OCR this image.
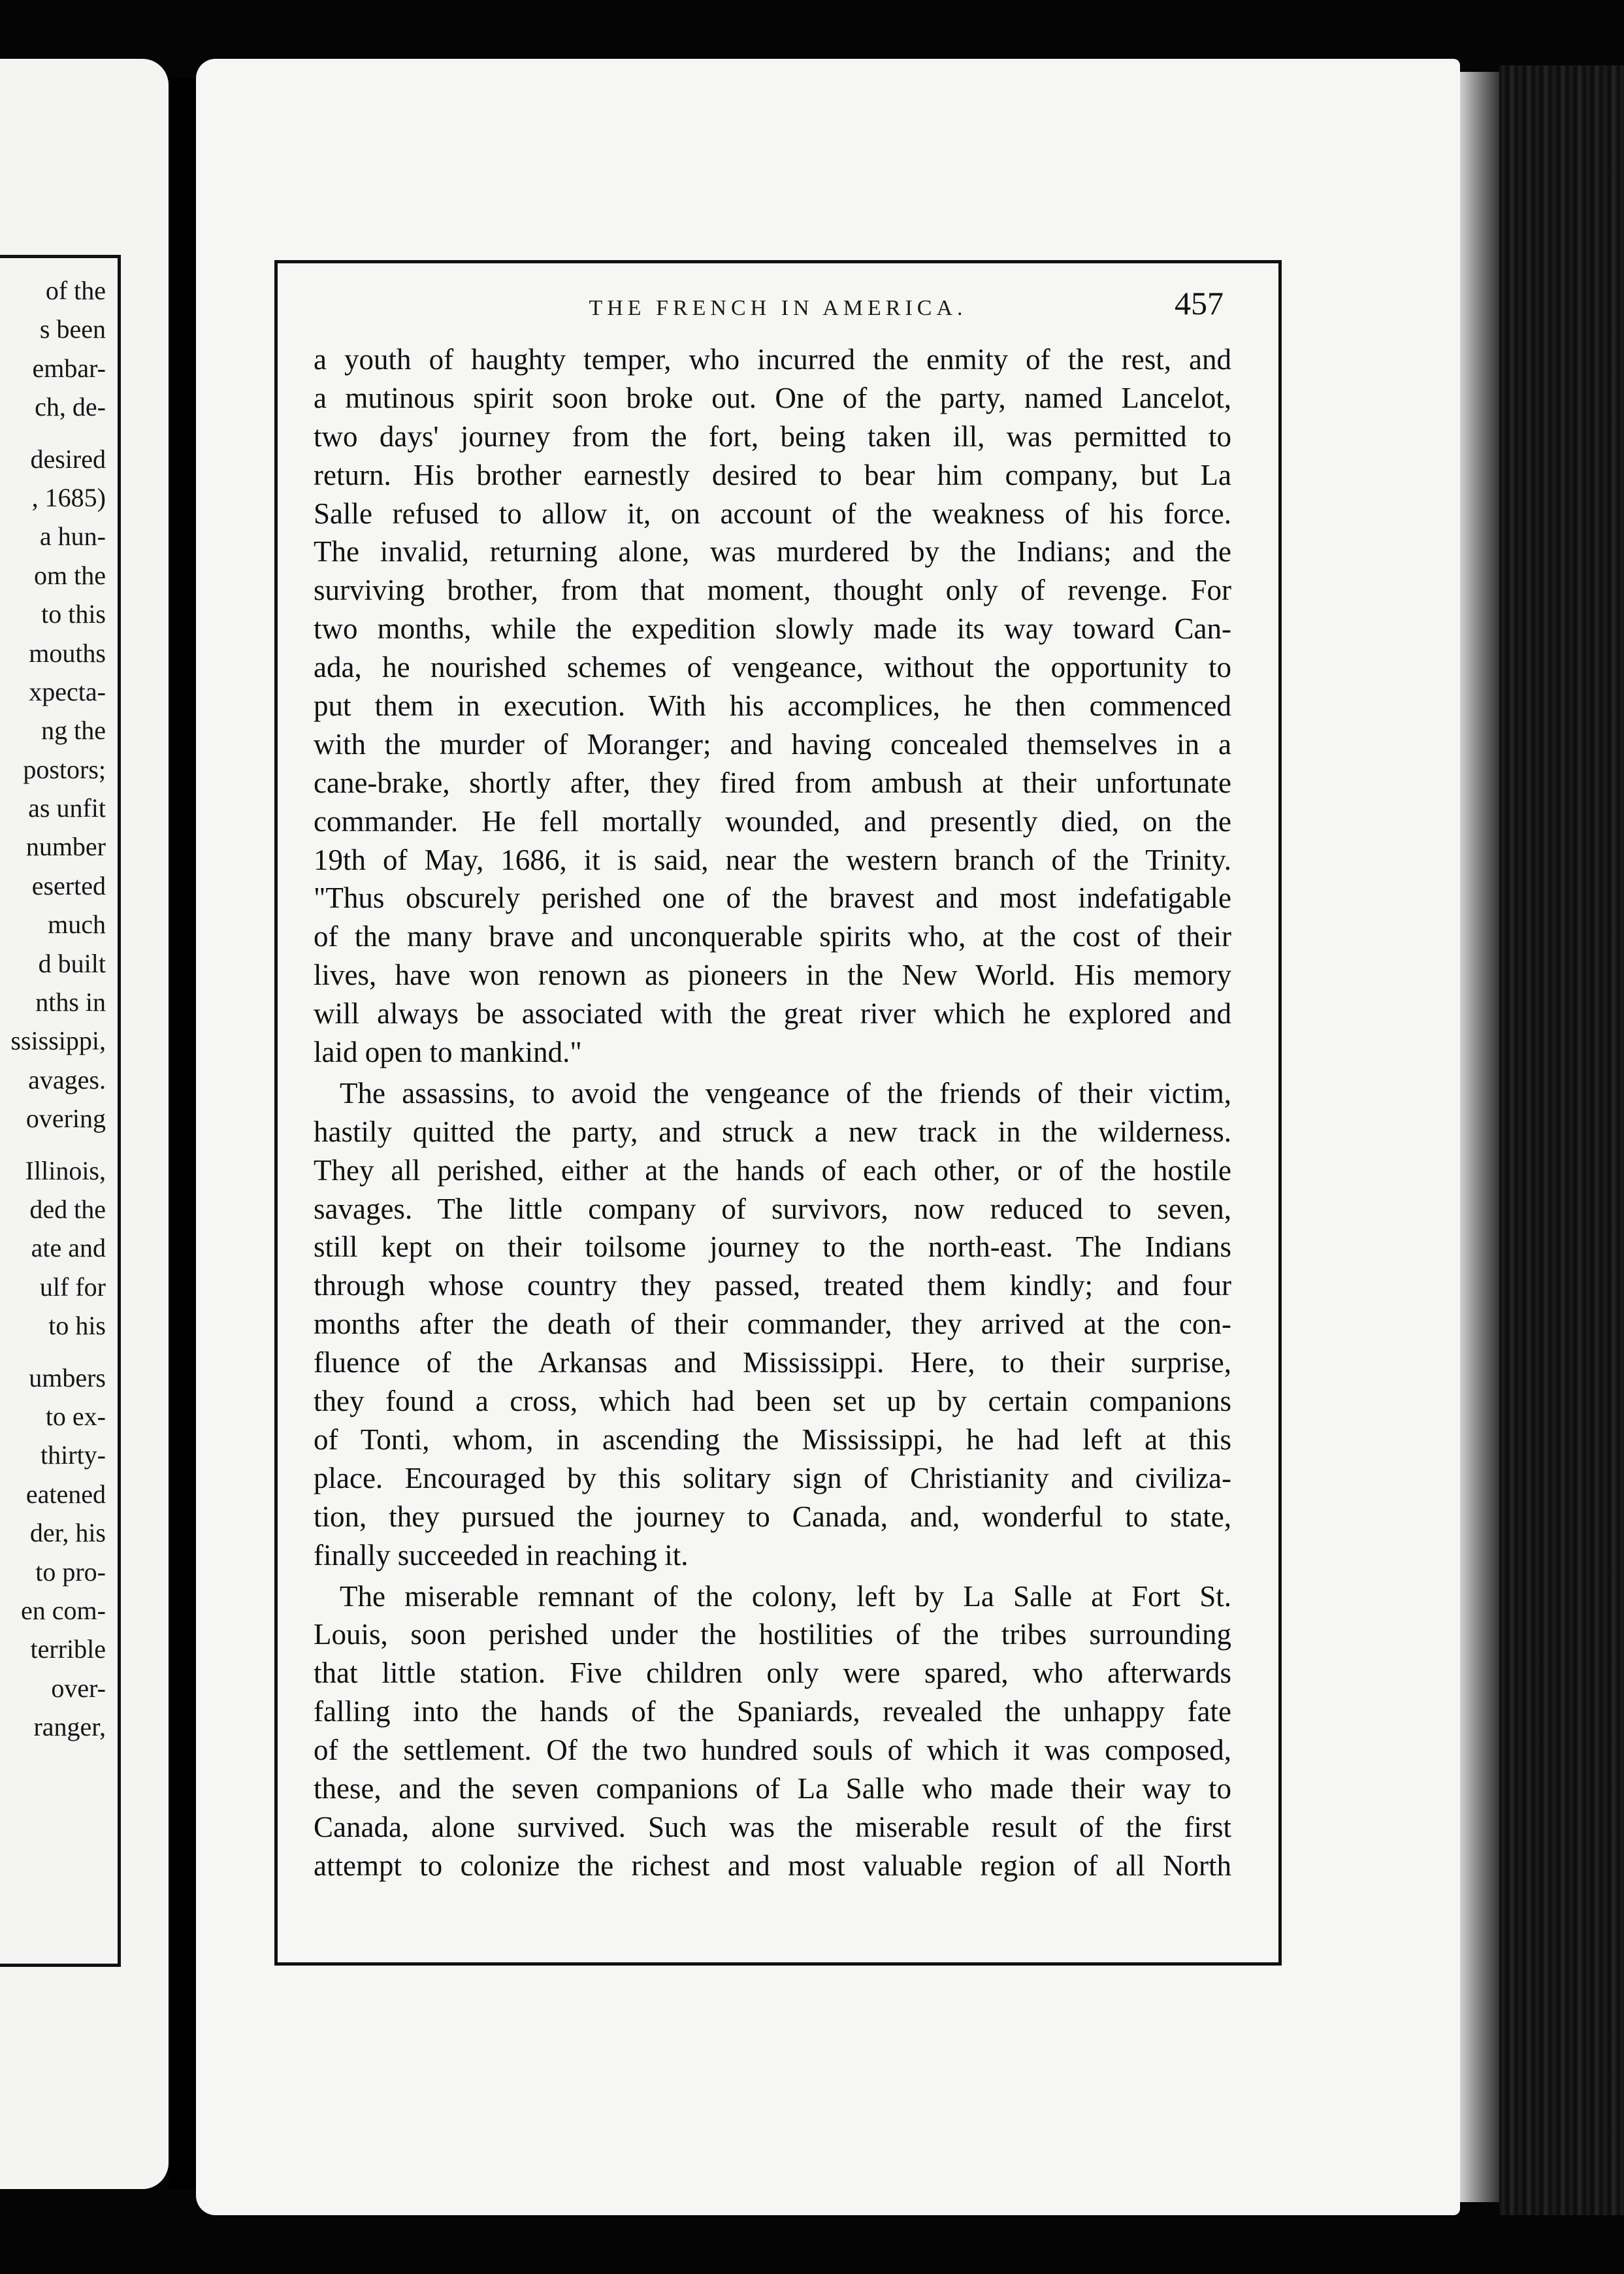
of the
s been
embar-
ch, de-
desired
, 1685)
a hun-
om the
to this
mouths
xpecta-
ng the
postors;
as unfit
number
eserted
much
d built
nths in
ssissippi,
avages.
overing
Illinois,
ded the
ate and
ulf for
to his
umbers
to ex-
thirty-
eatened
der, his
to pro-
en com-
terrible
over-
ranger,
THE FRENCH IN AMERICA.	457
a youth of haughty temper, who incurred the enmity of the rest, and
a mutinous spirit soon broke out. One of the party, named Lancelot,
two days' journey from the fort, being taken ill, was permitted to
return. His brother earnestly desired to bear him company, but La
Salle refused to allow it, on account of the weakness of his force.
The invalid, returning alone, was murdered by the Indians; and the
surviving brother, from that moment, thought only of revenge. For
two months, while the expedition slowly made its way toward Can-
ada, he nourished schemes of vengeance, without the opportunity to
put them in execution. With his accomplices, he then commenced
with the murder of Moranger; and having concealed themselves in a
cane-brake, shortly after, they fired from ambush at their unfortunate
commander. He fell mortally wounded, and presently died, on the
19th of May, 1686, it is said, near the western branch of the Trinity.
"Thus obscurely perished one of the bravest and most indefatigable
of the many brave and unconquerable spirits who, at the cost of their
lives, have won renown as pioneers in the New World. His memory
will always be associated with the great river which he explored and
laid open to mankind."
The assassins, to avoid the vengeance of the friends of their victim,
hastily quitted the party, and struck a new track in the wilderness.
They all perished, either at the hands of each other, or of the hostile
savages. The little company of survivors, now reduced to seven,
still kept on their toilsome journey to the north-east. The Indians
through whose country they passed, treated them kindly; and four
months after the death of their commander, they arrived at the con-
fluence of the Arkansas and Mississippi. Here, to their surprise,
they found a cross, which had been set up by certain companions
of Tonti, whom, in ascending the Mississippi, he had left at this
place. Encouraged by this solitary sign of Christianity and civiliza-
tion, they pursued the journey to Canada, and, wonderful to state,
finally succeeded in reaching it.
The miserable remnant of the colony, left by La Salle at Fort St.
Louis, soon perished under the hostilities of the tribes surrounding
that little station. Five children only were spared, who afterwards
falling into the hands of the Spaniards, revealed the unhappy fate
of the settlement. Of the two hundred souls of which it was composed,
these, and the seven companions of La Salle who made their way to
Canada, alone survived. Such was the miserable result of the first
attempt to colonize the richest and most valuable region of all North
